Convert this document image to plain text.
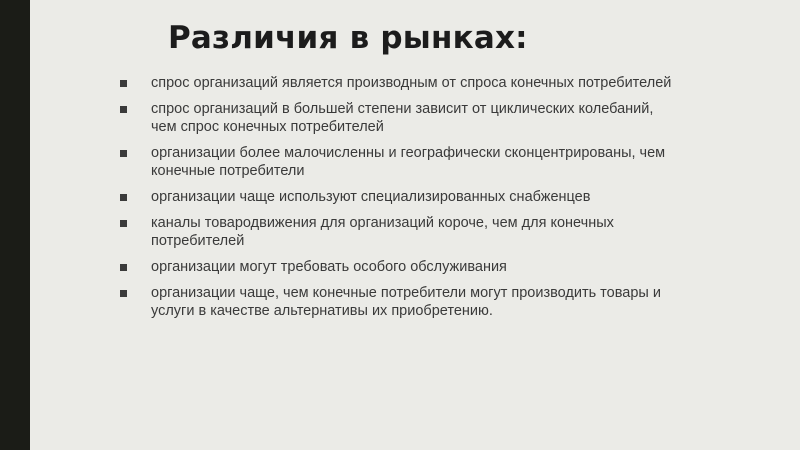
Различия в рынках:
спрос организаций является производным от спроса конечных потребителей
спрос организаций в большей степени зависит от циклических колебаний, чем спрос конечных потребителей
организации более малочисленны и географически сконцентрированы, чем конечные потребители
организации чаще используют специализированных снабженцев
каналы товародвижения для организаций короче, чем для конечных потребителей
организации могут требовать особого обслуживания
организации чаще, чем конечные потребители могут производить товары и услуги в качестве альтернативы их приобретению.
